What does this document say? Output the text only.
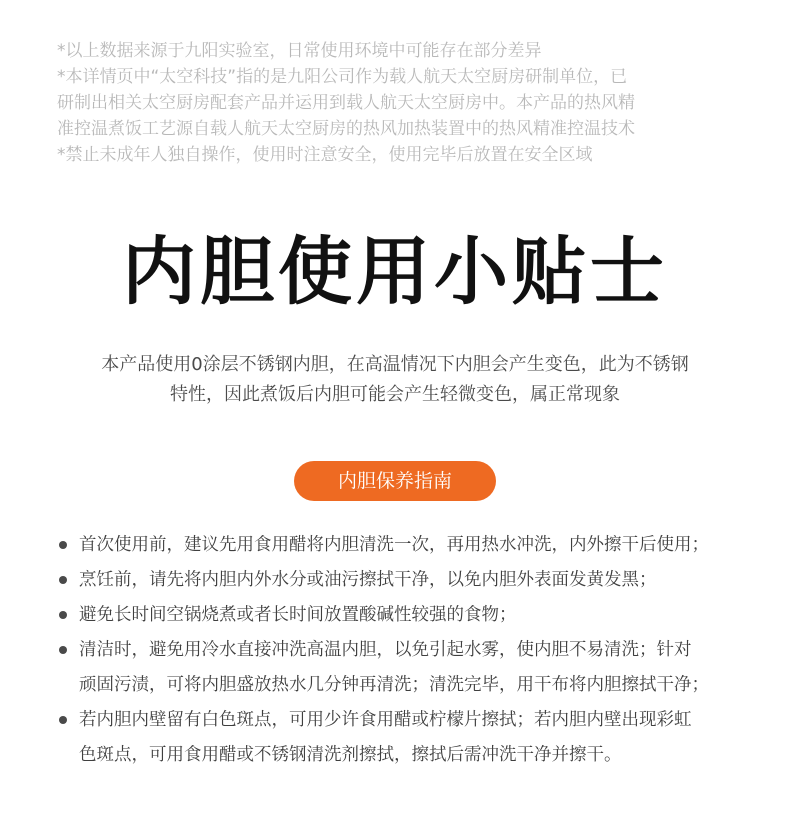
*以上数据来源于九阳实验室，日常使用环境中可能存在部分差异

*本详情页中“太空科技”指的是九阳公司作为载人航天太空厨房研制单位，已

研制出相关太空厨房配套产品并运用到载人航天太空厨房中。本产品的热风精

准控温煮饭工艺源自载人航天太空厨房的热风加热装置中的热风精准控温技术

*禁止未成年人独自操作，使用时注意安全，使用完毕后放置在安全区域

内胆使用小贴士

本产品使用0涂层不锈钢内胆，在高温情况下内胆会产生变色，此为不锈钢

特性，因此煮饭后内胆可能会产生轻微变色，属正常现象

内胆保养指南

首次使用前，建议先用食用醋将内胆清洗一次，再用热水冲洗，内外擦干后使用；

烹饪前，请先将内胆内外水分或油污擦拭干净，以免内胆外表面发黄发黑；

避免长时间空锅烧煮或者长时间放置酸碱性较强的食物；

清洁时，避免用冷水直接冲洗高温内胆，以免引起水雾，使内胆不易清洗；针对

顽固污渍，可将内胆盛放热水几分钟再清洗；清洗完毕，用干布将内胆擦拭干净；

若内胆内壁留有白色斑点，可用少许食用醋或柠檬片擦拭；若内胆内壁出现彩虹

色斑点，可用食用醋或不锈钢清洗剂擦拭，擦拭后需冲洗干净并擦干。
